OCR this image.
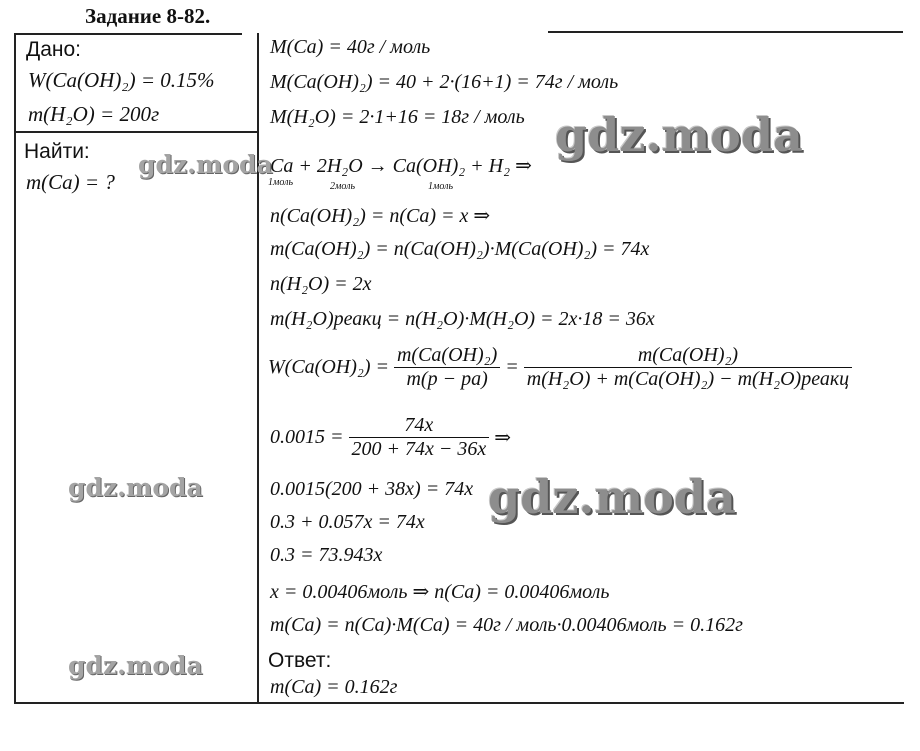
Задание 8-82.
Дано:
W(Ca(OH)₂) = 0.15%
m(H₂O) = 200г
Найти:
m(Ca) = ?
M(Ca) = 40г / моль
M(Ca(OH)₂) = 40 + 2·(16+1) = 74г / моль
M(H₂O) = 2·1+16 = 18г / моль
Ca + 2H₂O → Ca(OH)₂ + H₂ ⇒
1моль	2моль	1моль
n(Ca(OH)₂) = n(Ca) = x ⇒
m(Ca(OH)₂) = n(Ca(OH)₂)·M(Ca(OH)₂) = 74x
n(H₂O) = 2x
m(H₂O)реакц = n(H₂O)·M(H₂O) = 2x·18 = 36x
$W(Ca(OH)_2) = \frac{\text{m(Ca(OH)₂)}}{m(p - pa)} = \frac{\text{m(Ca(OH)₂)}}{\text{m(H₂O) + m(Ca(OH)₂) − m(H₂O)реакц}}$
$0.0015 = \frac{74x}{200 + 74x - 36x}$ ⇒
0.0015(200 + 38x) = 74x
0.3 + 0.057x = 74x
0.3 = 73.943x
x = 0.00406моль ⇒ n(Ca) = 0.00406моль
m(Ca) = n(Ca)·M(Ca) = 40г / моль·0.00406моль = 0.162г
Ответ:
m(Ca) = 0.162г
gdz.moda
gdz.moda
gdz.moda	gdz.moda
gdz.moda
